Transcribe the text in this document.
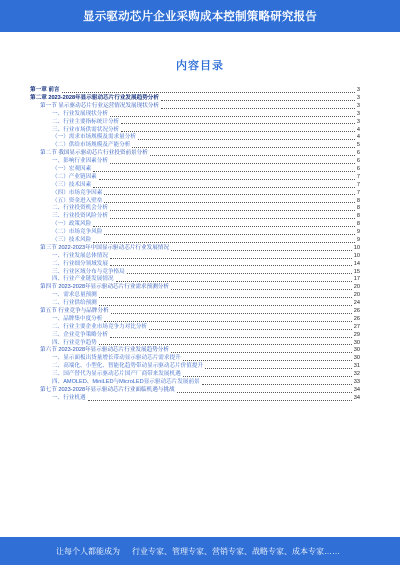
显示驱动芯片企业采购成本控制策略研究报告
内容目录
第一章 前言	3
第二章 2023-2028年显示驱动芯片行业发展趋势分析	3
第一节 显示驱动芯片行业运营情况发展现状分析	3
一、行业发展现状分析	3
二、行业主要指标统计分析	3
三、行业市场供需状况分析	4
（一）需求市场规模及需求量分析	4
（二）供给市场规模及产能分析	5
第二节 我国显示驱动芯片行业投资前景分析	6
一、影响行业因素分析	6
（一）宏观因素	6
（二）产业链因素	7
（三）技术因素	7
（四）市场竞争因素	7
（五）资金进入壁垒	8
二、行业投资机会分析	8
三、行业投资风险分析	8
（一）政策风险	8
（二）市场竞争风险	9
（三）技术风险	9
第三节 2022-2023年中国显示驱动芯片行业发展情况	10
一、行业发展总体情况	10
二、行业细分领域发展	14
三、行业区域分布与竞争格局	15
四、行业产业链发展情况	17
第四节 2023-2028年显示驱动芯片行业需求预测分析	20
一、需求总量预测	20
二、行业供给预测	24
第五节 行业竞争与品牌分析	26
一、品牌集中度分析	26
二、行业主要企业市场竞争力对比分析	27
三、企业竞争策略分析	29
四、行业竞争趋势	30
第六节 2023-2028年显示驱动芯片行业发展趋势分析	30
一、显示面板出货量增长带动显示驱动芯片需求提升	30
二、高端化、小型化、智能化趋势带动显示驱动芯片价值提升	31
三、国产替代为显示驱动芯片国产厂商带来发展机遇	32
四、AMOLED、MiniLED与MicroLED显示驱动芯片发展前景	33
第七节 2023-2028年显示驱动芯片行业面临机遇与挑战	34
一、行业机遇	34
让每个人都能成为 行业专家、管理专家、营销专家、战略专家、成本专家……
